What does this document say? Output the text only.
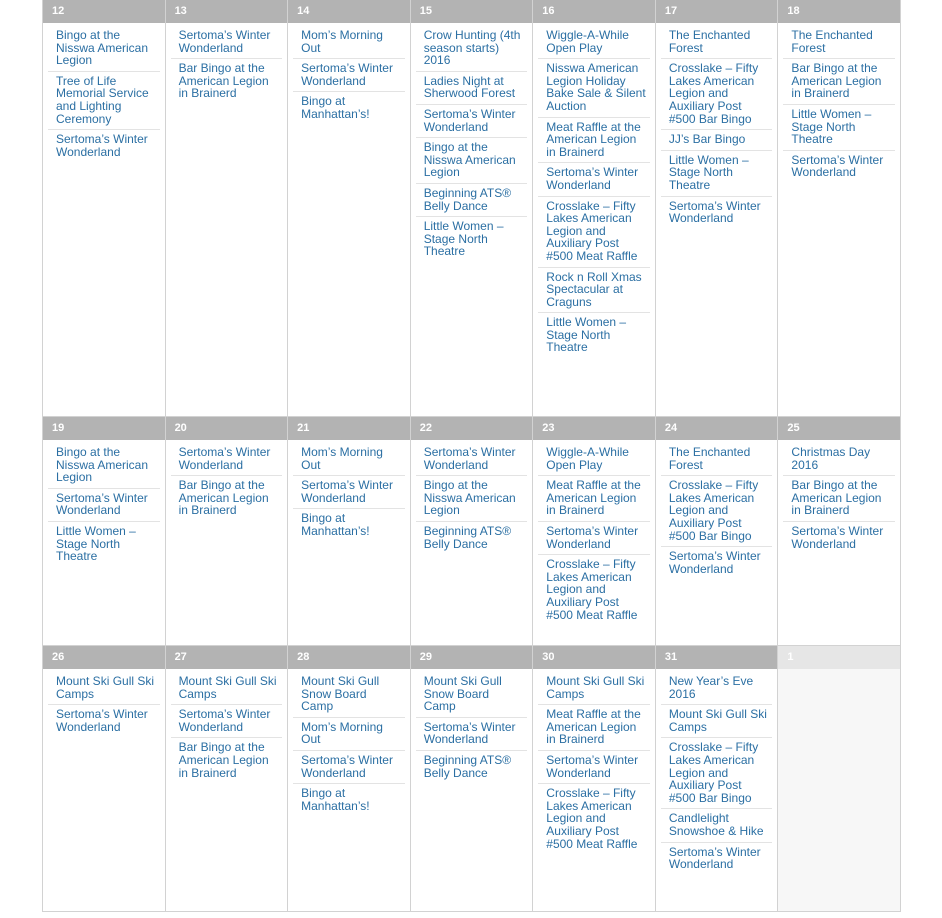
12
Bingo at the Nisswa American Legion
Tree of Life Memorial Service and Lighting Ceremony
Sertoma’s Winter Wonderland
13
Sertoma’s Winter Wonderland
Bar Bingo at the American Legion in Brainerd
14
Mom’s Morning Out
Sertoma’s Winter Wonderland
Bingo at Manhattan’s!
15
Crow Hunting (4th season starts) 2016
Ladies Night at Sherwood Forest
Sertoma’s Winter Wonderland
Bingo at the Nisswa American Legion
Beginning ATS® Belly Dance
Little Women – Stage North Theatre
16
Wiggle-A-While Open Play
Nisswa American Legion Holiday Bake Sale & Silent Auction
Meat Raffle at the American Legion in Brainerd
Sertoma’s Winter Wonderland
Crosslake – Fifty Lakes American Legion and Auxiliary Post #500 Meat Raffle
Rock n Roll Xmas Spectacular at Craguns
Little Women – Stage North Theatre
17
The Enchanted Forest
Crosslake – Fifty Lakes American Legion and Auxiliary Post #500 Bar Bingo
JJ’s Bar Bingo
Little Women – Stage North Theatre
Sertoma’s Winter Wonderland
18
The Enchanted Forest
Bar Bingo at the American Legion in Brainerd
Little Women – Stage North Theatre
Sertoma’s Winter Wonderland
19
Bingo at the Nisswa American Legion
Sertoma’s Winter Wonderland
Little Women – Stage North Theatre
20
Sertoma’s Winter Wonderland
Bar Bingo at the American Legion in Brainerd
21
Mom’s Morning Out
Sertoma’s Winter Wonderland
Bingo at Manhattan’s!
22
Sertoma’s Winter Wonderland
Bingo at the Nisswa American Legion
Beginning ATS® Belly Dance
23
Wiggle-A-While Open Play
Meat Raffle at the American Legion in Brainerd
Sertoma’s Winter Wonderland
Crosslake – Fifty Lakes American Legion and Auxiliary Post #500 Meat Raffle
24
The Enchanted Forest
Crosslake – Fifty Lakes American Legion and Auxiliary Post #500 Bar Bingo
Sertoma’s Winter Wonderland
25
Christmas Day 2016
Bar Bingo at the American Legion in Brainerd
Sertoma’s Winter Wonderland
26
Mount Ski Gull Ski Camps
Sertoma’s Winter Wonderland
27
Mount Ski Gull Ski Camps
Sertoma’s Winter Wonderland
Bar Bingo at the American Legion in Brainerd
28
Mount Ski Gull Snow Board Camp
Mom’s Morning Out
Sertoma’s Winter Wonderland
Bingo at Manhattan’s!
29
Mount Ski Gull Snow Board Camp
Sertoma’s Winter Wonderland
Beginning ATS® Belly Dance
30
Mount Ski Gull Ski Camps
Meat Raffle at the American Legion in Brainerd
Sertoma’s Winter Wonderland
Crosslake – Fifty Lakes American Legion and Auxiliary Post #500 Meat Raffle
31
New Year’s Eve 2016
Mount Ski Gull Ski Camps
Crosslake – Fifty Lakes American Legion and Auxiliary Post #500 Bar Bingo
Candlelight Snowshoe & Hike
Sertoma’s Winter Wonderland
1
